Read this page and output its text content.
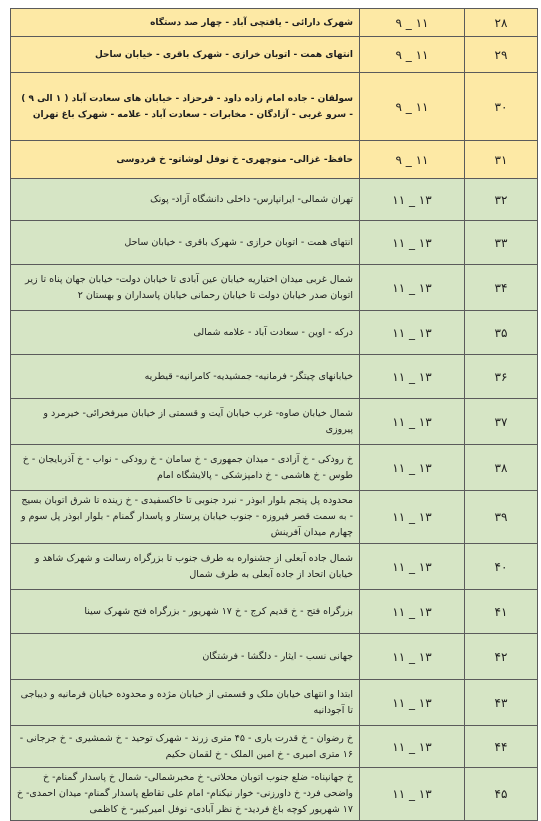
۲۸	۹ _ ۱۱	شهرک دارائی - یافتچی آباد - چهار صد دستگاه
۲۹	۹ _ ۱۱	انتهای همت - اتوبان خرازی - شهرک باقری - خیابان ساحل
۳۰	۹ _ ۱۱	سولقان - جاده امام زاده داود - فرحزاد - خیابان های سعادت آباد ( ۱ الی ۹ ) - سرو غربی - آزادگان - مخابرات - سعادت آباد - علامه - شهرک باغ تهران
۳۱	۹ _ ۱۱	حافظ- غزالی- منوچهری- خ نوفل لوشاتو- خ فردوسی
۳۲	۱۱ _ ۱۳	تهران شمالی- ایرانپارس- داخلی دانشگاه آزاد- پونک
۳۳	۱۱ _ ۱۳	انتهای همت - اتوبان خرازی - شهرک باقری - خیابان ساحل
۳۴	۱۱ _ ۱۳	شمال غربی میدان اختیاریه خیابان عین آبادی تا خیابان دولت- خیابان جهان پناه تا زیر اتوبان صدر خیابان دولت تا خیابان رحمانی خیابان پاسداران و بهستان ۲
۳۵	۱۱ _ ۱۳	درکه - اوین - سعادت آباد - علامه شمالی
۳۶	۱۱ _ ۱۳	خیابانهای چیتگر- فرمانیه- جمشیدیه- کامرانیه- قیطریه
۳۷	۱۱ _ ۱۳	شمال خیابان صاوه- غرب خیابان آیت و قسمتی از خیابان میرفخرائی- خیرمرد و پیروزی
۳۸	۱۱ _ ۱۳	خ رودکی - خ آزادی - میدان جمهوری - خ سامان - خ رودکی - نواب - خ آذربایجان - خ طوس - خ هاشمی - خ دامپزشکی - پالایشگاه امام
۳۹	۱۱ _ ۱۳	محدوده پل پنجم بلوار ابوذر - نبرد جنوبی تا خاکسفیدی - خ زینده تا شرق اتوبان بسیج - به سمت قصر فیروزه - جنوب خیابان پرستار و پاسدار گمنام - بلوار ابوذر پل سوم و چهارم میدان آفرینش
۴۰	۱۱ _ ۱۳	شمال جاده آبعلی از جشنواره به طرف جنوب تا بزرگراه رسالت و شهرک شاهد و خیابان اتحاد از جاده آبعلی به طرف شمال
۴۱	۱۱ _ ۱۳	بزرگراه فتح - خ قدیم کرج - خ ۱۷ شهریور - بزرگراه فتح شهرک سینا
۴۲	۱۱ _ ۱۳	جهانی نسب - ایثار - دلگشا - فرشتگان
۴۳	۱۱ _ ۱۳	ابتدا و انتهای خیابان ملک و قسمتی از خیابان مژده و محدوده خیابان فرمانیه و دیباجی تا آجودانیه
۴۴	۱۱ _ ۱۳	خ رضوان - خ قدرت یاری - ۴۵ متری زرند - شهرک توحید - خ شمشیری - خ جرجانی - ۱۶ متری امیری - خ امین الملک - خ لقمان حکیم
۴۵	۱۱ _ ۱۳	خ جهانپناه- ضلع جنوب اتوبان محلاتی- خ مخبرشمالی- شمال خ پاسدار گمنام- خ واضحی فرد- خ داورزنی- خوار نیکنام- امام علی تقاطع پاسدار گمنام- میدان احمدی- خ ۱۷ شهریور کوچه باغ فردید- خ نظر آبادی- نوفل امیرکبیر- خ کاظمی
